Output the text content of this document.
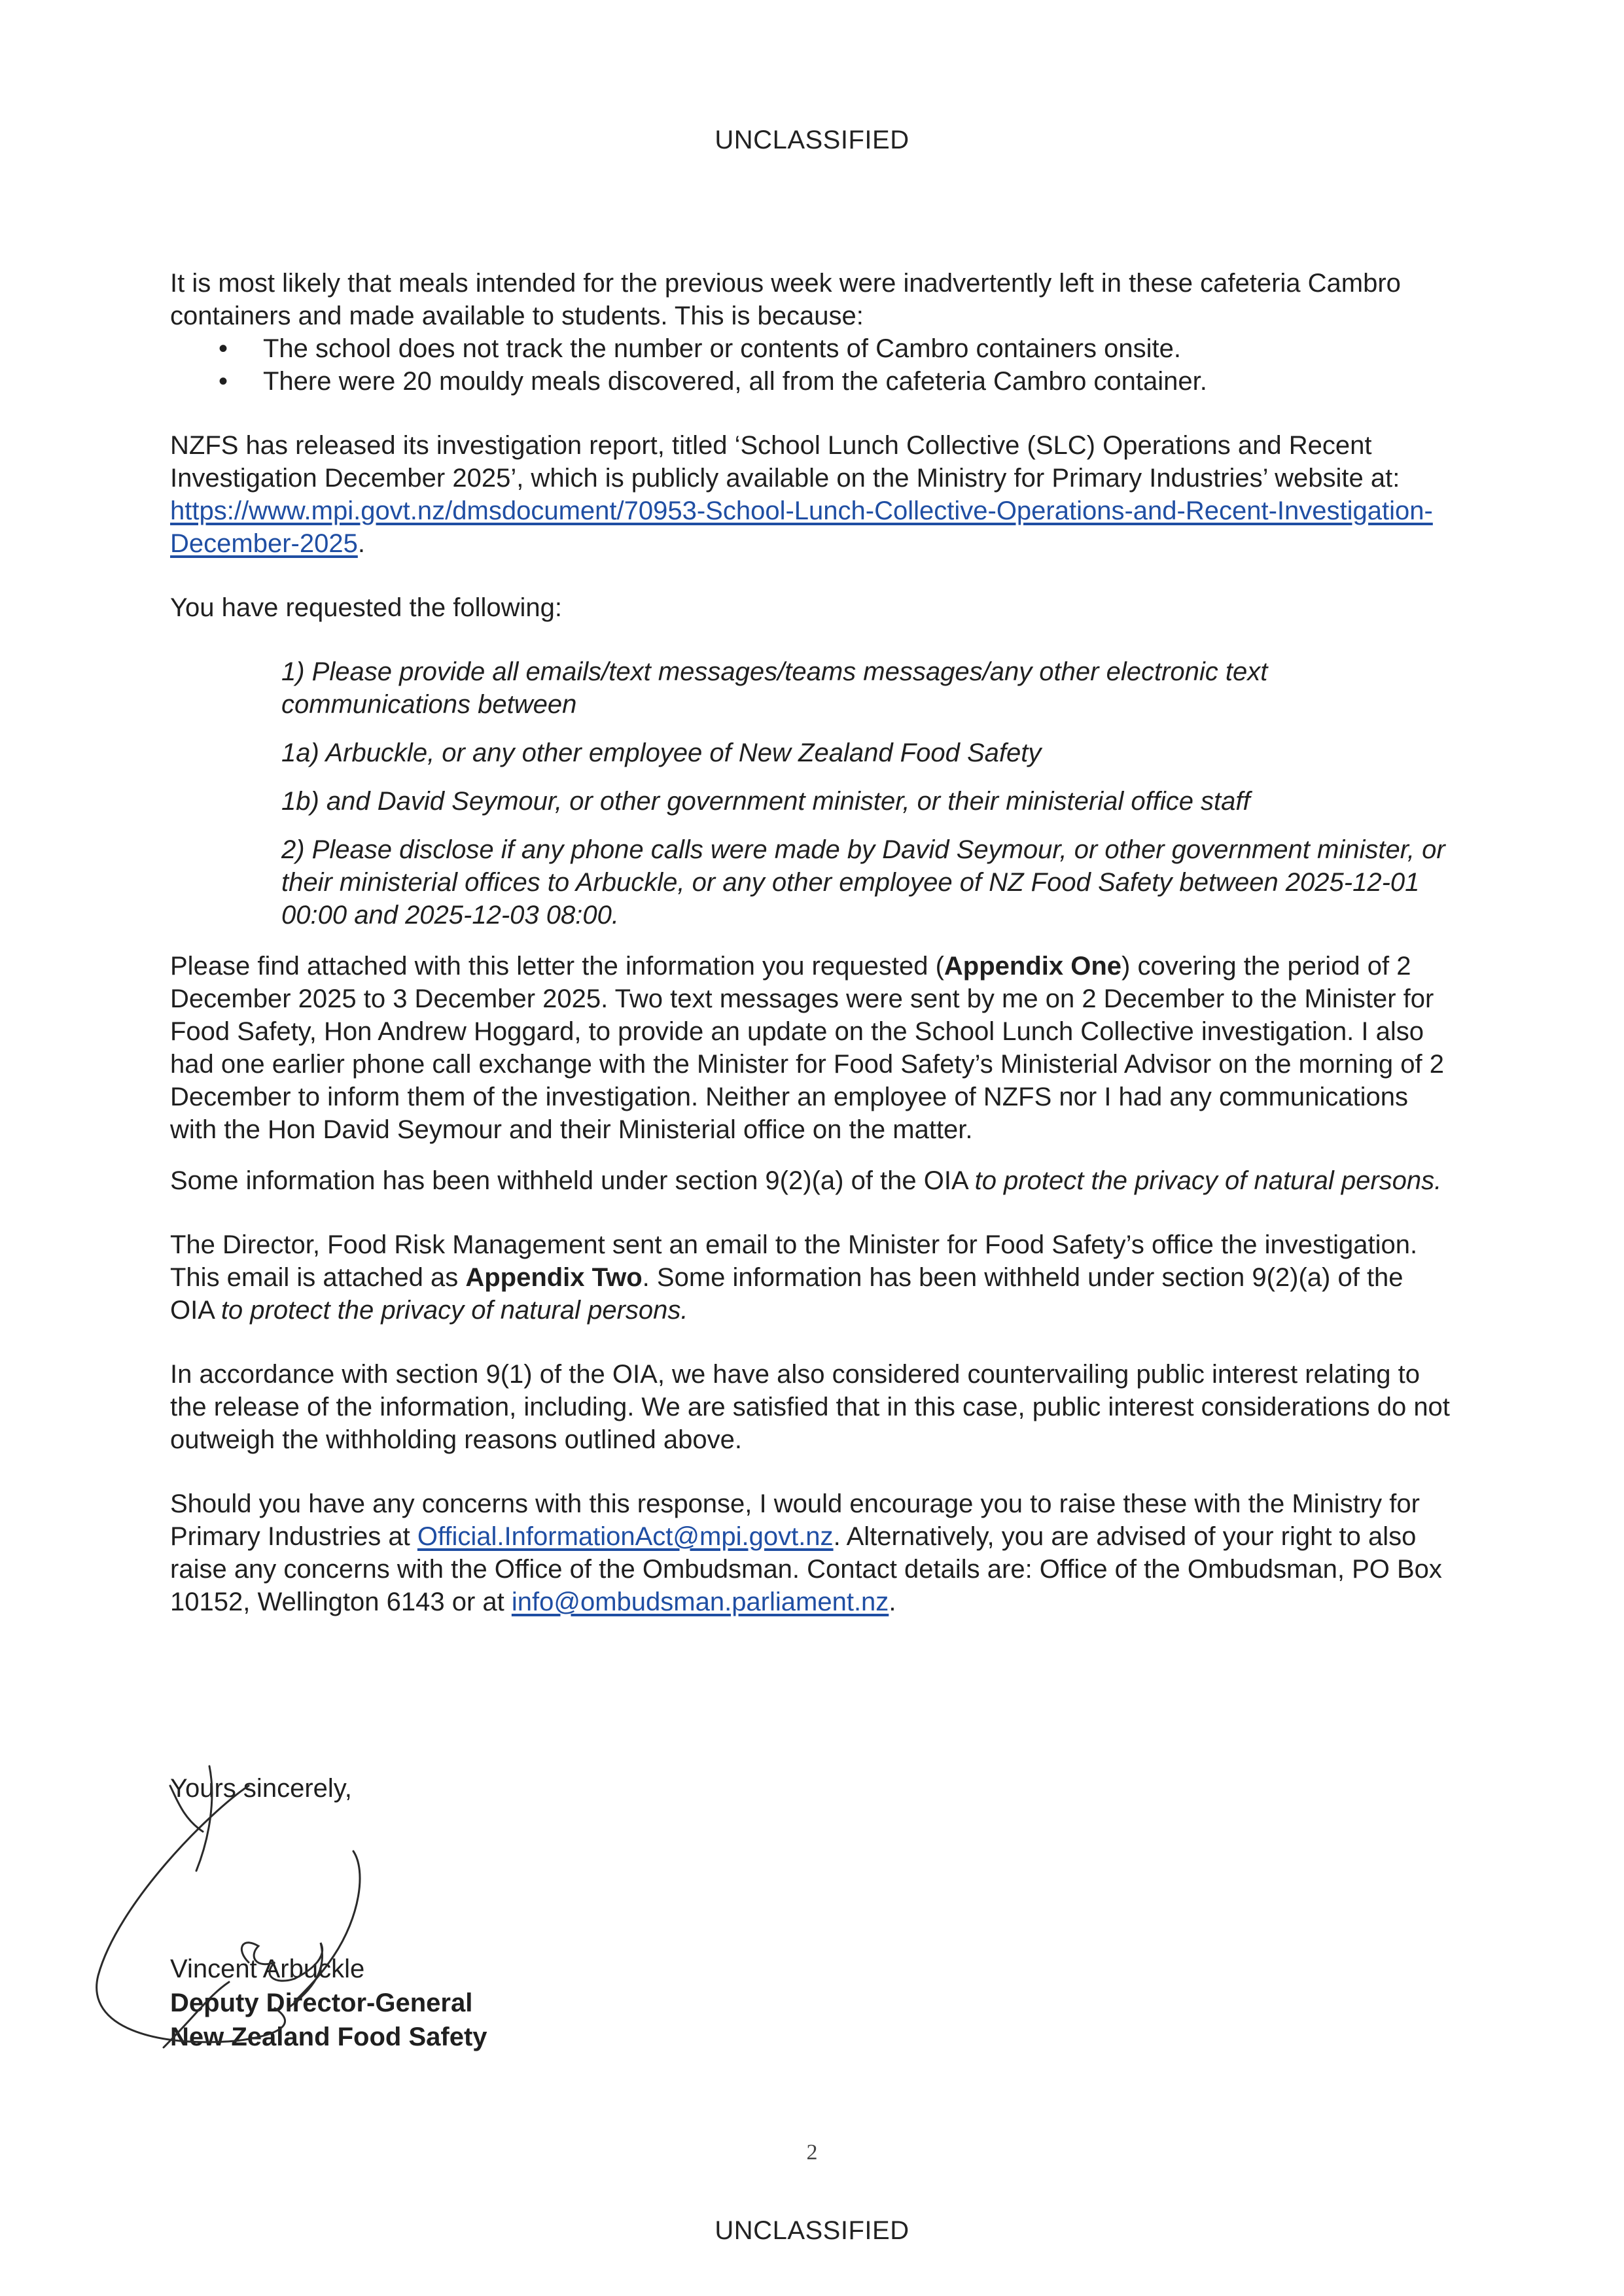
UNCLASSIFIED

It is most likely that meals intended for the previous week were inadvertently left in these cafeteria Cambro containers and made available to students. This is because:

• The school does not track the number or contents of Cambro containers onsite.
• There were 20 mouldy meals discovered, all from the cafeteria Cambro container.

NZFS has released its investigation report, titled ‘School Lunch Collective (SLC) Operations and Recent Investigation December 2025’, which is publicly available on the Ministry for Primary Industries’ website at: https://www.mpi.govt.nz/dmsdocument/70953-School-Lunch-Collective-Operations-and-Recent-Investigation-December-2025.

You have requested the following:

1) Please provide all emails/text messages/teams messages/any other electronic text communications between

1a) Arbuckle, or any other employee of New Zealand Food Safety

1b) and David Seymour, or other government minister, or their ministerial office staff

2) Please disclose if any phone calls were made by David Seymour, or other government minister, or their ministerial offices to Arbuckle, or any other employee of NZ Food Safety between 2025-12-01 00:00 and 2025-12-03 08:00.

Please find attached with this letter the information you requested (Appendix One) covering the period of 2 December 2025 to 3 December 2025. Two text messages were sent by me on 2 December to the Minister for Food Safety, Hon Andrew Hoggard, to provide an update on the School Lunch Collective investigation. I also had one earlier phone call exchange with the Minister for Food Safety’s Ministerial Advisor on the morning of 2 December to inform them of the investigation. Neither an employee of NZFS nor I had any communications with the Hon David Seymour and their Ministerial office on the matter.

Some information has been withheld under section 9(2)(a) of the OIA to protect the privacy of natural persons.

The Director, Food Risk Management sent an email to the Minister for Food Safety’s office the investigation. This email is attached as Appendix Two. Some information has been withheld under section 9(2)(a) of the OIA to protect the privacy of natural persons.

In accordance with section 9(1) of the OIA, we have also considered countervailing public interest relating to the release of the information, including. We are satisfied that in this case, public interest considerations do not outweigh the withholding reasons outlined above.

Should you have any concerns with this response, I would encourage you to raise these with the Ministry for Primary Industries at Official.InformationAct@mpi.govt.nz. Alternatively, you are advised of your right to also raise any concerns with the Office of the Ombudsman. Contact details are: Office of the Ombudsman, PO Box 10152, Wellington 6143 or at info@ombudsman.parliament.nz.

Yours sincerely,
Vincent Arbuckle
Deputy Director-General
New Zealand Food Safety
2
UNCLASSIFIED
